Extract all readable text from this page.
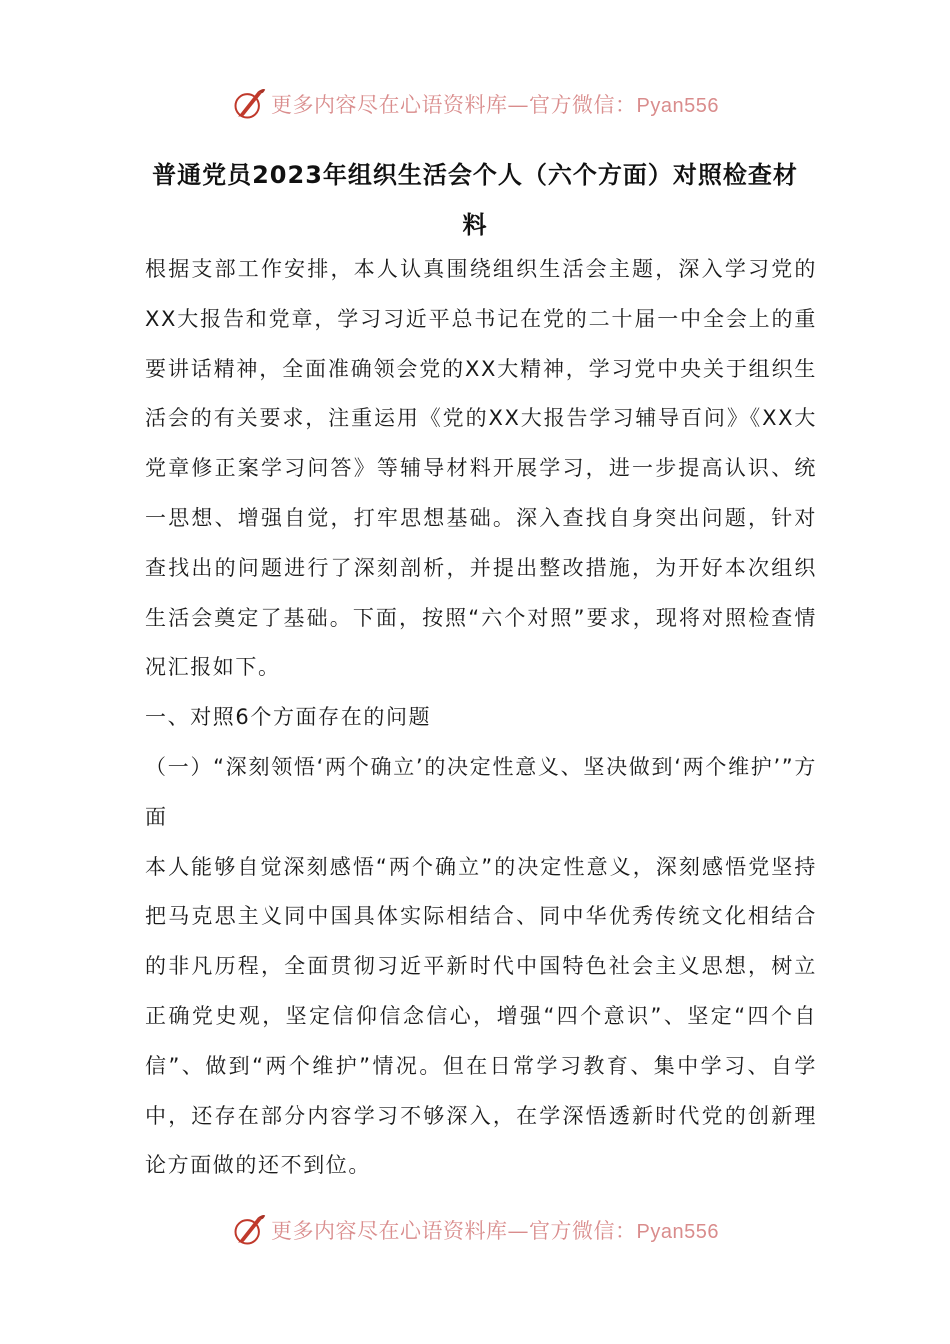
更多内容尽在心语资料库—官方微信：Pyan556
普通党员2023年组织生活会个人（六个方面）对照检查材料

根据支部工作安排，本人认真围绕组织生活会主题，深入学习党的XX大报告和党章，学习习近平总书记在党的二十届一中全会上的重要讲话精神，全面准确领会党的XX大精神，学习党中央关于组织生活会的有关要求，注重运用《党的XX大报告学习辅导百问》《XX大党章修正案学习问答》等辅导材料开展学习，进一步提高认识、统一思想、增强自觉，打牢思想基础。深入查找自身突出问题，针对查找出的问题进行了深刻剖析，并提出整改措施，为开好本次组织生活会奠定了基础。下面，按照“六个对照”要求，现将对照检查情况汇报如下。

一、对照6个方面存在的问题

（一）“深刻领悟‘两个确立’的决定性意义、坚决做到‘两个维护’”方面

本人能够自觉深刻感悟“两个确立”的决定性意义，深刻感悟党坚持把马克思主义同中国具体实际相结合、同中华优秀传统文化相结合的非凡历程，全面贯彻习近平新时代中国特色社会主义思想，树立正确党史观，坚定信仰信念信心，增强“四个意识”、坚定“四个自信”、做到“两个维护”情况。但在日常学习教育、集中学习、自学中，还存在部分内容学习不够深入，在学深悟透新时代党的创新理论方面做的还不到位。

更多内容尽在心语资料库—官方微信：Pyan556
